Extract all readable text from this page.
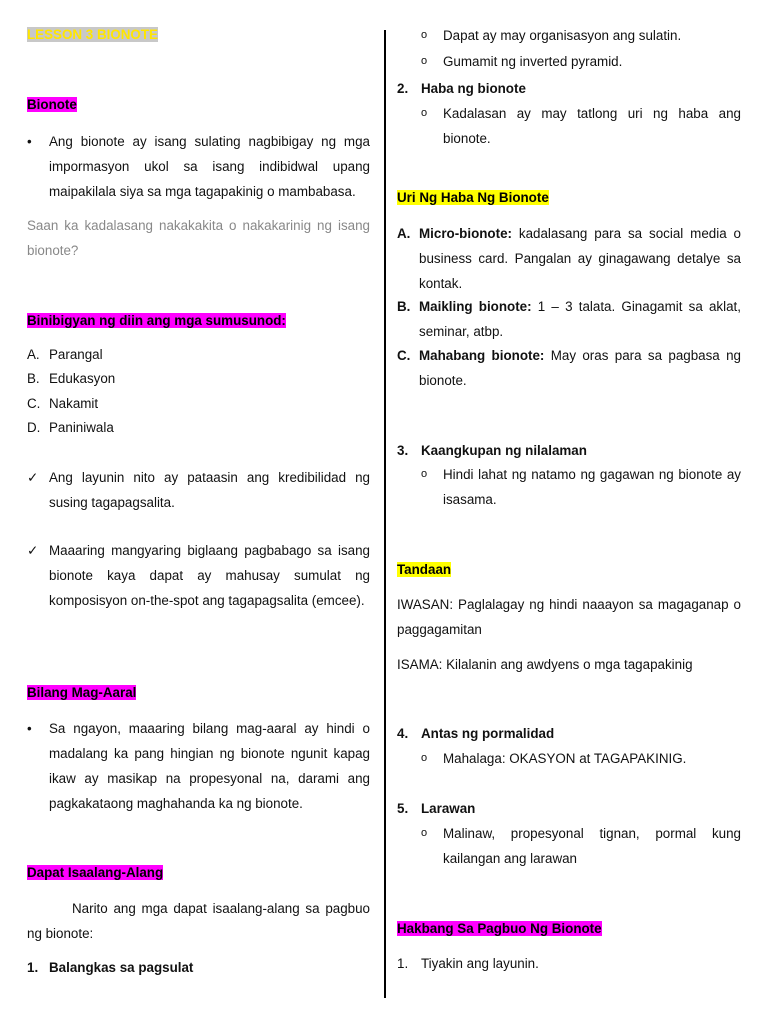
LESSON 3 BIONOTE
Bionote
•	Ang bionote ay isang sulating nagbibigay ng mga impormasyon ukol sa isang indibidwal upang maipakilala siya sa mga tagapakinig o mambabasa.
Saan ka kadalasang nakakakita o nakakarinig ng isang bionote?
Binibigyan ng diin ang mga sumusunod:
A. Parangal
B. Edukasyon
C. Nakamit
D. Paniniwala
✓ Ang layunin nito ay pataasin ang kredibilidad ng susing tagapagsalita.
✓ Maaaring mangyaring biglaang pagbabago sa isang bionote kaya dapat ay mahusay sumulat ng komposisyon on-the-spot ang tagapagsalita (emcee).
Bilang Mag-Aaral
•	Sa ngayon, maaaring bilang mag-aaral ay hindi o madalang ka pang hingian ng bionote ngunit kapag ikaw ay masikap na propesyonal na, darami ang pagkakataong maghahanda ka ng bionote.
Dapat Isaalang-Alang
Narito ang mga dapat isaalang-alang sa pagbuo ng bionote:
1. Balangkas sa pagsulat
o	Dapat ay may organisasyon ang sulatin.
o	Gumamit ng inverted pyramid.
2. Haba ng bionote
o	Kadalasan ay may tatlong uri ng haba ang bionote.
Uri Ng Haba Ng Bionote
A. Micro-bionote: kadalasang para sa social media o business card. Pangalan ay ginagawang detalye sa kontak.
B. Maikling bionote: 1 – 3 talata. Ginagamit sa aklat, seminar, atbp.
C. Mahabang bionote: May oras para sa pagbasa ng bionote.
3. Kaangkupan ng nilalaman
o	Hindi lahat ng natamo ng gagawan ng bionote ay isasama.
Tandaan
IWASAN: Paglalagay ng hindi naaayon sa magaganap o paggagamitan
ISAMA: Kilalanin ang awdyens o mga tagapakinig
4. Antas ng pormalidad
o	Mahalaga: OKASYON at TAGAPAKINIG.
5. Larawan
o	Malinaw, propesyonal tignan, pormal kung kailangan ang larawan
Hakbang Sa Pagbuo Ng Bionote
1. Tiyakin ang layunin.
